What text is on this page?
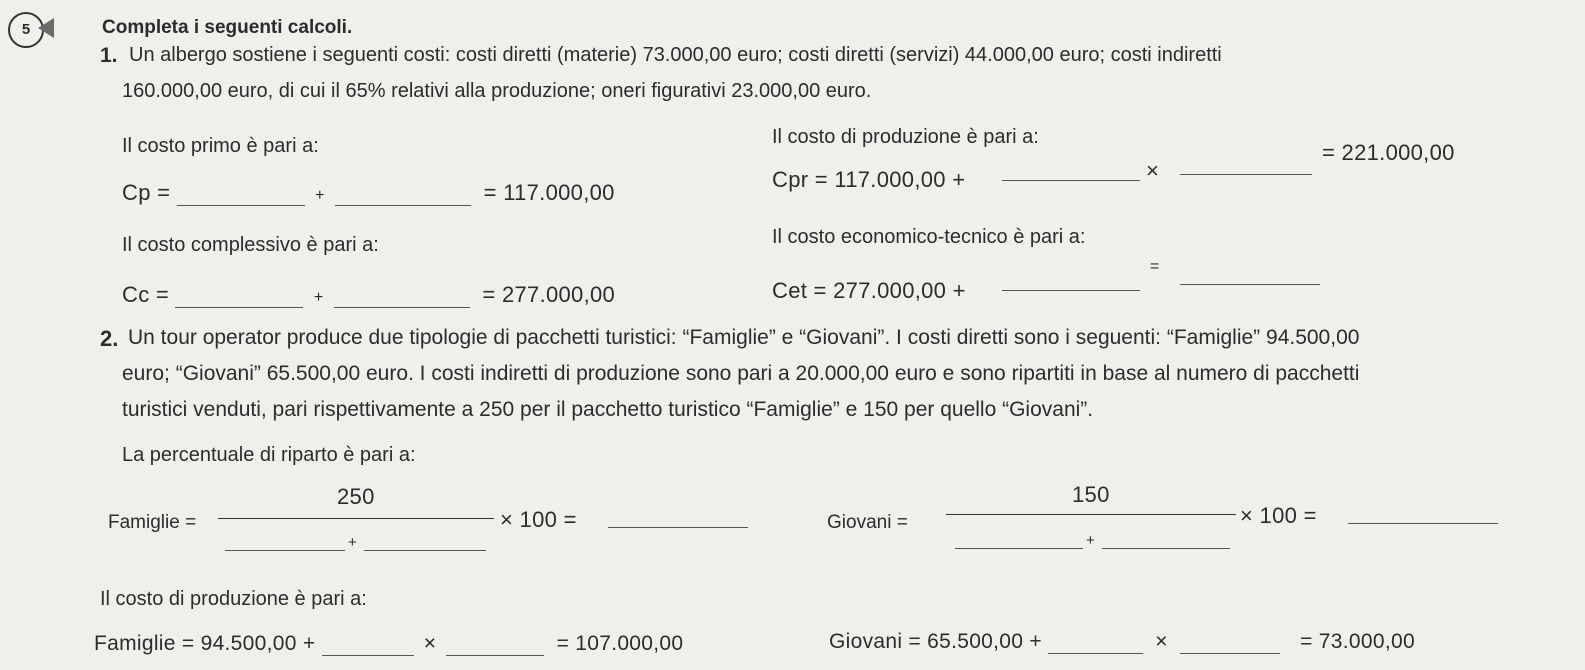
5	Completa i seguenti calcoli.
1. Un albergo sostiene i seguenti costi: costi diretti (materie) 73.000,00 euro; costi diretti (servizi) 44.000,00 euro; costi indiretti
160.000,00 euro, di cui il 65% relativi alla produzione; oneri figurativi 23.000,00 euro.
Il costo primo è pari a:
Cp =	+	= 117.000,00
Il costo di produzione è pari a:
Cpr = 117.000,00 +	×
= 221.000,00
Il costo complessivo è pari a:
Cc =	+	= 277.000,00
Il costo economico-tecnico è pari a:
Cet = 277.000,00 +
=
2. Un tour operator produce due tipologie di pacchetti turistici: “Famiglie” e “Giovani”. I costi diretti sono i seguenti: “Famiglie” 94.500,00
euro; “Giovani” 65.500,00 euro. I costi indiretti di produzione sono pari a 20.000,00 euro e sono ripartiti in base al numero di pacchetti
turistici venduti, pari rispettivamente a 250 per il pacchetto turistico “Famiglie” e 150 per quello “Giovani”.
La percentuale di riparto è pari a:
Famiglie =
250
+
× 100 =	Giovani =
150
+
× 100 =
Il costo di produzione è pari a:
Famiglie = 94.500,00 +	×	= 107.000,00	Giovani = 65.500,00 +	×	= 73.000,00
